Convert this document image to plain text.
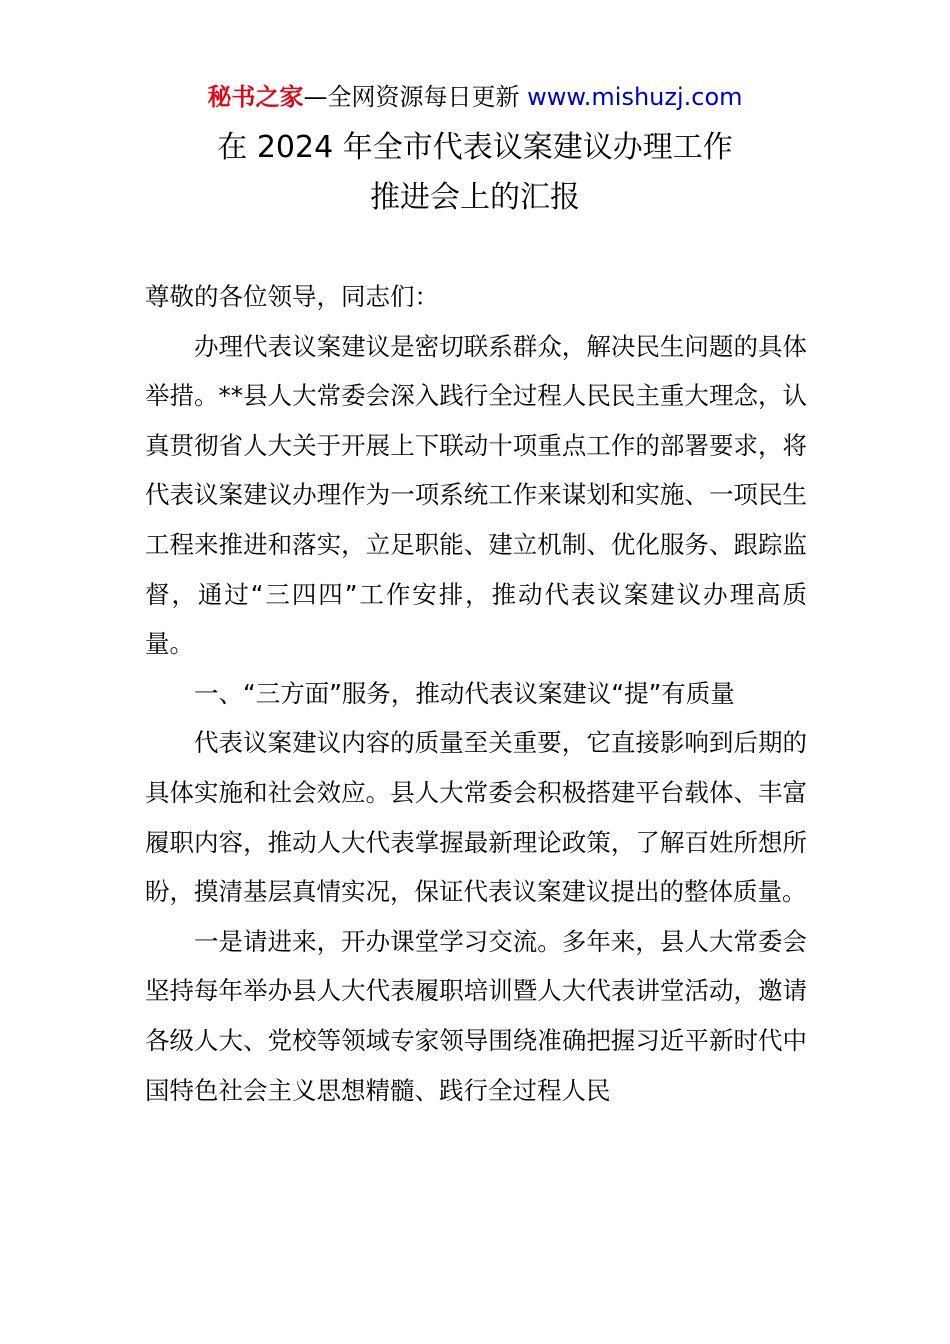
秘书之家—全网资源每日更新 www.mishuzj.com
在 2024 年全市代表议案建议办理工作
推进会上的汇报

尊敬的各位领导，同志们：

办理代表议案建议是密切联系群众，解决民生问题的具体举措。**县人大常委会深入践行全过程人民民主重大理念，认真贯彻省人大关于开展上下联动十项重点工作的部署要求，将代表议案建议办理作为一项系统工作来谋划和实施、一项民生工程来推进和落实，立足职能、建立机制、优化服务、跟踪监督，通过“三四四”工作安排，推动代表议案建议办理高质量。

一、“三方面”服务，推动代表议案建议“提”有质量

代表议案建议内容的质量至关重要，它直接影响到后期的具体实施和社会效应。县人大常委会积极搭建平台载体、丰富履职内容，推动人大代表掌握最新理论政策，了解百姓所想所盼，摸清基层真情实况，保证代表议案建议提出的整体质量。

一是请进来，开办课堂学习交流。多年来，县人大常委会坚持每年举办县人大代表履职培训暨人大代表讲堂活动，邀请各级人大、党校等领域专家领导围绕准确把握习近平新时代中国特色社会主义思想精髓、践行全过程人民
